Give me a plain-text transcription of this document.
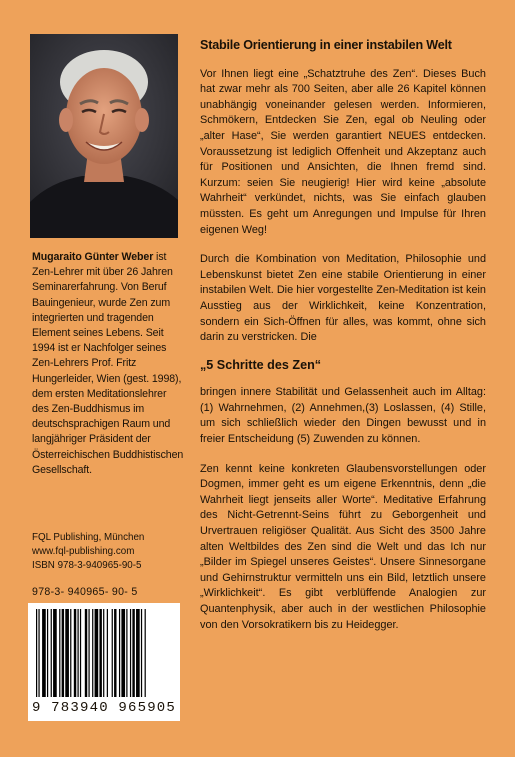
Mugaraito Günter Weber ist Zen-Lehrer mit über 26 Jahren Seminarerfahrung. Von Beruf Bauingenieur, wurde Zen zum integrierten und tragenden Element seines Lebens. Seit 1994 ist er Nachfolger seines Zen-Lehrers Prof. Fritz Hungerleider, Wien (gest. 1998), dem ersten Meditationslehrer des Zen-Buddhismus im deutschsprachigen Raum und langjähriger Präsident der Österreichischen Buddhistischen Gesellschaft.

FQL Publishing, München
www.fql-publishing.com
ISBN 978-3-940965-90-5
978-3- 940965- 90- 5
9 783940 965905
Stabile Orientierung in einer instabilen Welt

Vor Ihnen liegt eine „Schatztruhe des Zen“. Dieses Buch hat zwar mehr als 700 Seiten, aber alle 26 Kapitel können unabhängig voneinander gelesen werden. Informieren, Schmökern, Entdecken Sie Zen, egal ob Neuling oder „alter Hase“, Sie werden garantiert NEUES entdecken. Voraussetzung ist lediglich Offenheit und Akzeptanz auch für Positionen und Ansichten, die Ihnen fremd sind. Kurzum: seien Sie neugierig! Hier wird keine „absolute Wahrheit“ verkündet, nichts, was Sie einfach glauben müssten. Es geht um Anregungen und Impulse für Ihren eigenen Weg!

Durch die Kombination von Meditation, Philosophie und Lebenskunst bietet Zen eine stabile Orientierung in einer instabilen Welt. Die hier vorgestellte Zen-Meditation ist kein Ausstieg aus der Wirklichkeit, keine Konzentration, sondern ein Sich-Öffnen für alles, was kommt, ohne sich darin zu verstricken. Die

„5 Schritte des Zen“

bringen innere Stabilität und Gelassenheit auch im Alltag: (1) Wahrnehmen, (2) Annehmen,(3) Loslassen, (4) Stille, um sich schließlich wieder den Dingen bewusst und in freier Entscheidung (5) Zuwenden zu können.

Zen kennt keine konkreten Glaubensvorstellungen oder Dogmen, immer geht es um eigene Erkenntnis, denn „die Wahrheit liegt jenseits aller Worte“. Meditative Erfahrung des Nicht-Getrennt-Seins führt zu Geborgenheit und Urvertrauen religiöser Qualität. Aus Sicht des 3500 Jahre alten Weltbildes des Zen sind die Welt und das Ich nur „Bilder im Spiegel unseres Geistes“. Unsere Sinnesorgane und Gehirnstruktur vermitteln uns ein Bild, letztlich unsere „Wirklichkeit“. Es gibt verblüffende Analogien zur Quantenphysik, aber auch in der westlichen Philosophie von den Vorsokratikern bis zu Heidegger.
